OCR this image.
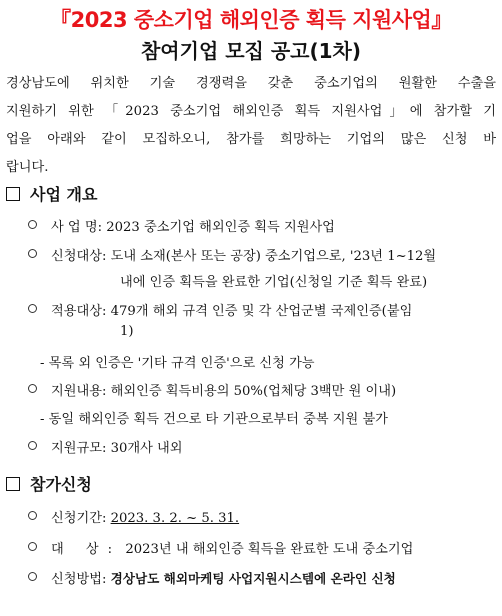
『2023 중소기업 해외인증 획득 지원사업』
참여기업 모집 공고(1차)
경상남도에 위치한 기술 경쟁력을 갖춘 중소기업의 원활한 수출을
지원하기 위한 「2023 중소기업 해외인증 획득 지원사업」에 참가할 기
업을 아래와 같이 모집하오니, 참가를 희망하는 기업의 많은 신청 바
랍니다.
사업 개요
사 업 명: 2023 중소기업 해외인증 획득 지원사업
신청대상: 도내 소재(본사 또는 공장) 중소기업으로, '23년 1~12월
내에 인증 획득을 완료한 기업(신청일 기준 획득 완료)
적용대상: 479개 해외 규격 인증 및 각 산업군별 국제인증(붙임
1)
- 목록 외 인증은 '기타 규격 인증'으로 신청 가능
지원내용: 해외인증 획득비용의 50%(업체당 3백만 원 이내)
- 동일 해외인증 획득 건으로 타 기관으로부터 중복 지원 불가
지원규모: 30개사 내외
참가신청
신청기간: 2023. 3. 2. ~ 5. 31.
대 상: 2023년 내 해외인증 획득을 완료한 도내 중소기업
신청방법: 경상남도 해외마케팅 사업지원시스템에 온라인 신청
